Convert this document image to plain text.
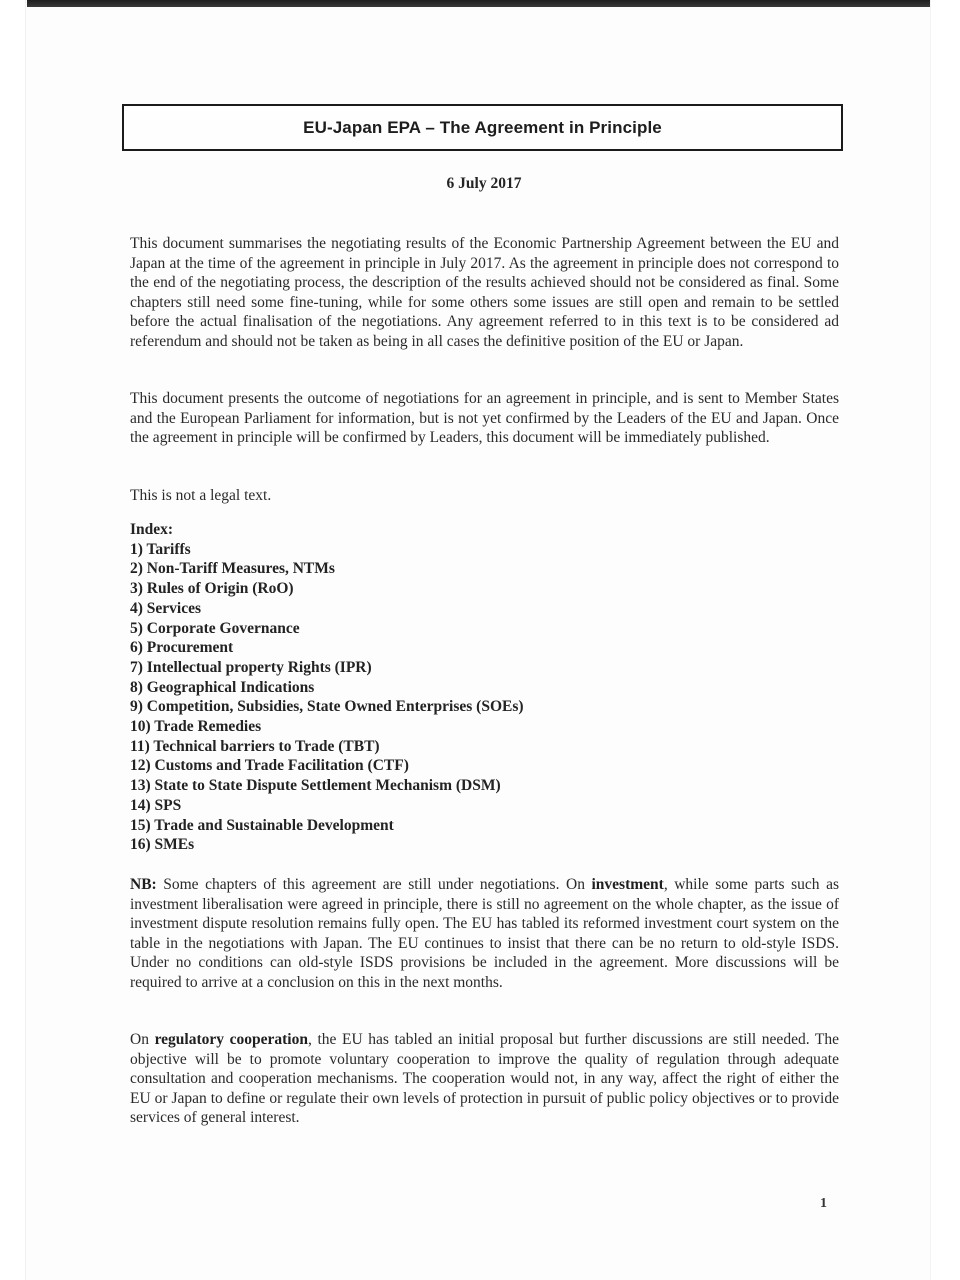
EU-Japan EPA – The Agreement in Principle
6 July 2017

This document summarises the negotiating results of the Economic Partnership Agreement between the EU and Japan at the time of the agreement in principle in July 2017. As the agreement in principle does not correspond to the end of the negotiating process, the description of the results achieved should not be considered as final. Some chapters still need some fine-tuning, while for some others some issues are still open and remain to be settled before the actual finalisation of the negotiations. Any agreement referred to in this text is to be considered ad referendum and should not be taken as being in all cases the definitive position of the EU or Japan.

This document presents the outcome of negotiations for an agreement in principle, and is sent to Member States and the European Parliament for information, but is not yet confirmed by the Leaders of the EU and Japan. Once the agreement in principle will be confirmed by Leaders, this document will be immediately published.

This is not a legal text.

Index:
1) Tariffs
2) Non-Tariff Measures, NTMs
3) Rules of Origin (RoO)
4) Services
5) Corporate Governance
6) Procurement
7) Intellectual property Rights (IPR)
8) Geographical Indications
9) Competition, Subsidies, State Owned Enterprises (SOEs)
10) Trade Remedies
11) Technical barriers to Trade (TBT)
12) Customs and Trade Facilitation (CTF)
13) State to State Dispute Settlement Mechanism (DSM)
14) SPS
15) Trade and Sustainable Development
16) SMEs

NB: Some chapters of this agreement are still under negotiations. On investment, while some parts such as investment liberalisation were agreed in principle, there is still no agreement on the whole chapter, as the issue of investment dispute resolution remains fully open. The EU has tabled its reformed investment court system on the table in the negotiations with Japan. The EU continues to insist that there can be no return to old-style ISDS. Under no conditions can old-style ISDS provisions be included in the agreement. More discussions will be required to arrive at a conclusion on this in the next months.

On regulatory cooperation, the EU has tabled an initial proposal but further discussions are still needed. The objective will be to promote voluntary cooperation to improve the quality of regulation through adequate consultation and cooperation mechanisms. The cooperation would not, in any way, affect the right of either the EU or Japan to define or regulate their own levels of protection in pursuit of public policy objectives or to provide services of general interest.

1
